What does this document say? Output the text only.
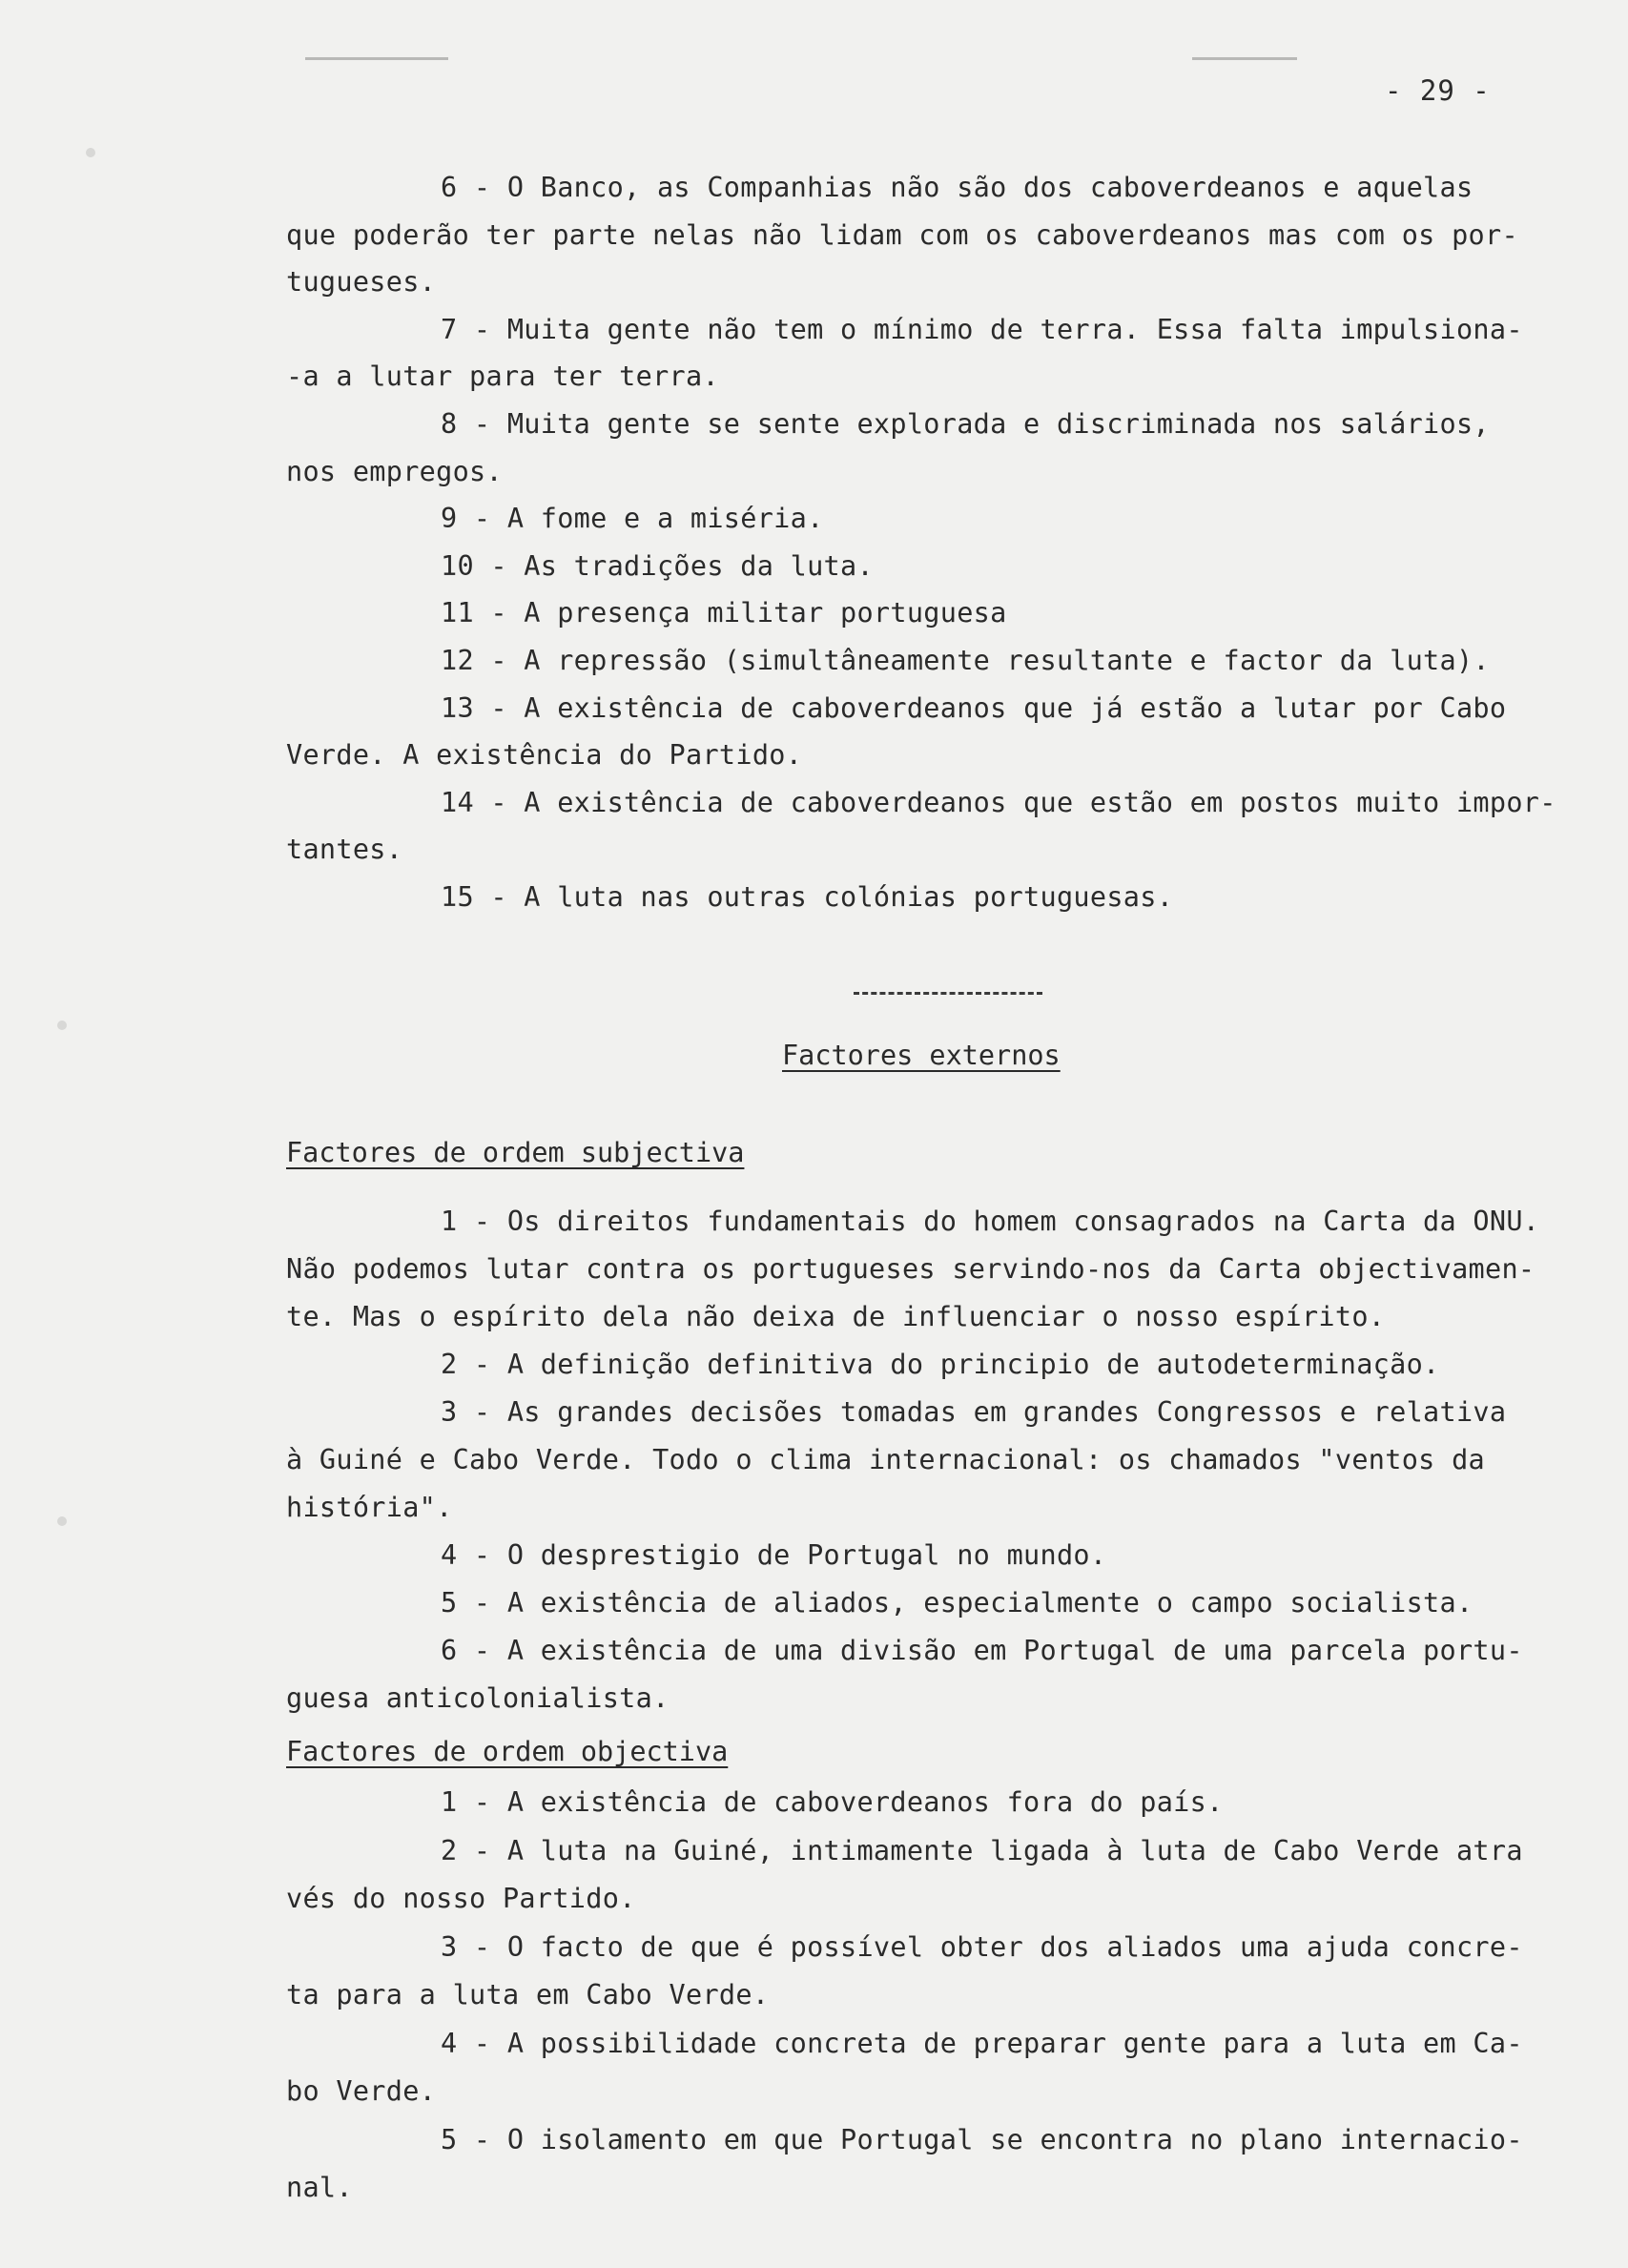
- 29 -
6 - O Banco, as Companhias não são dos caboverdeanos e aquelas
que poderão ter parte nelas não lidam com os caboverdeanos mas com os por-
tugueses.
7 - Muita gente não tem o mínimo de terra. Essa falta impulsiona-
-a a lutar para ter terra.
8 - Muita gente se sente explorada e discriminada nos salários,
nos empregos.
9 - A fome e a miséria.
10 - As tradições da luta.
11 - A presença militar portuguesa
12 - A repressão (simultâneamente resultante e factor da luta).
13 - A existência de caboverdeanos que já estão a lutar por Cabo
Verde. A existência do Partido.
14 - A existência de caboverdeanos que estão em postos muito impor-
tantes.
15 - A luta nas outras colónias portuguesas.
Factores externos
Factores de ordem subjectiva
1 - Os direitos fundamentais do homem consagrados na Carta da ONU.
Não podemos lutar contra os portugueses servindo-nos da Carta objectivamen-
te. Mas o espírito dela não deixa de influenciar o nosso espírito.
2 - A definição definitiva do principio de autodeterminação.
3 - As grandes decisões tomadas em grandes Congressos e relativa
à Guiné e Cabo Verde. Todo o clima internacional: os chamados "ventos da
história".
4 - O desprestigio de Portugal no mundo.
5 - A existência de aliados, especialmente o campo socialista.
6 - A existência de uma divisão em Portugal de uma parcela portu-
guesa anticolonialista.
Factores de ordem objectiva
1 - A existência de caboverdeanos fora do país.
2 - A luta na Guiné, intimamente ligada à luta de Cabo Verde atra
vés do nosso Partido.
3 - O facto de que é possível obter dos aliados uma ajuda concre-
ta para a luta em Cabo Verde.
4 - A possibilidade concreta de preparar gente para a luta em Ca-
bo Verde.
5 - O isolamento em que Portugal se encontra no plano internacio-
nal.
